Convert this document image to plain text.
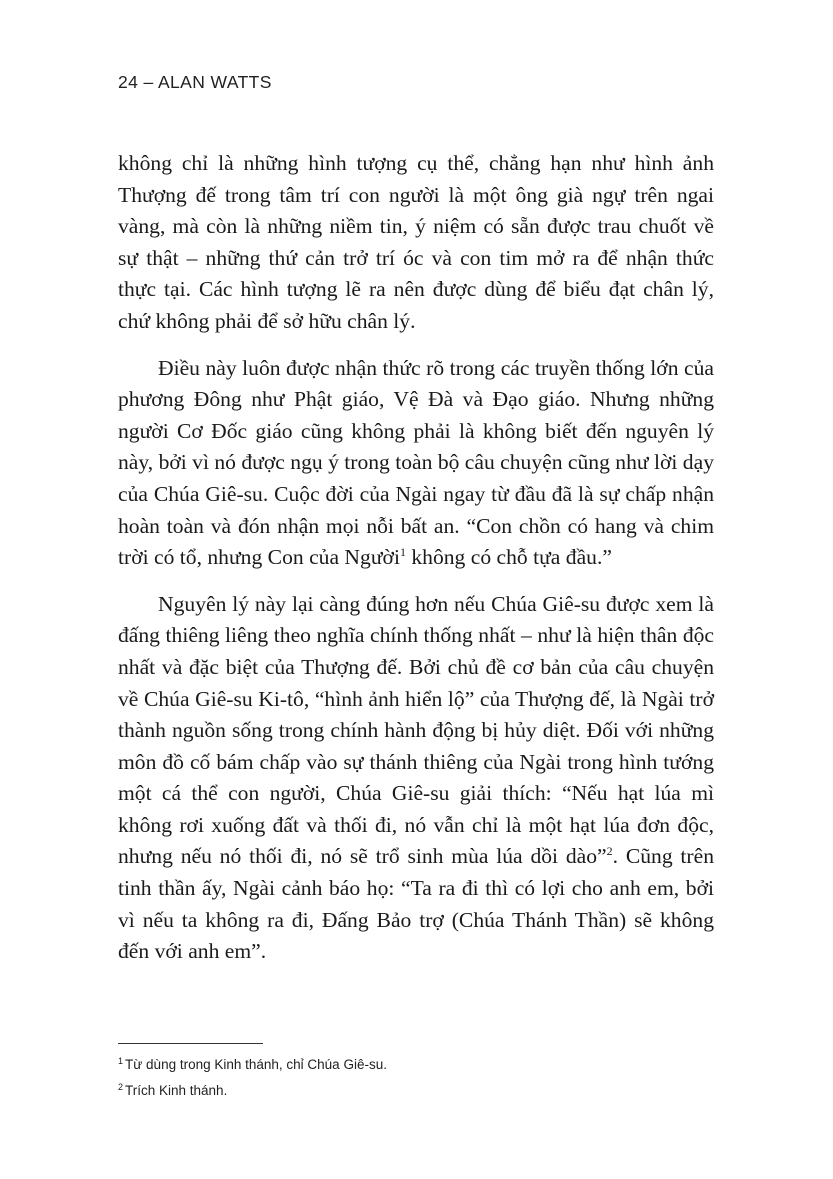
24 – ALAN WATTS

không chỉ là những hình tượng cụ thể, chẳng hạn như hình ảnh Thượng đế trong tâm trí con người là một ông già ngự trên ngai vàng, mà còn là những niềm tin, ý niệm có sẵn được trau chuốt về sự thật – những thứ cản trở trí óc và con tim mở ra để nhận thức thực tại. Các hình tượng lẽ ra nên được dùng để biểu đạt chân lý, chứ không phải để sở hữu chân lý.

Điều này luôn được nhận thức rõ trong các truyền thống lớn của phương Đông như Phật giáo, Vệ Đà và Đạo giáo. Nhưng những người Cơ Đốc giáo cũng không phải là không biết đến nguyên lý này, bởi vì nó được ngụ ý trong toàn bộ câu chuyện cũng như lời dạy của Chúa Giê-su. Cuộc đời của Ngài ngay từ đầu đã là sự chấp nhận hoàn toàn và đón nhận mọi nỗi bất an. “Con chồn có hang và chim trời có tổ, nhưng Con của Người$^1$ không có chỗ tựa đầu.”

Nguyên lý này lại càng đúng hơn nếu Chúa Giê-su được xem là đấng thiêng liêng theo nghĩa chính thống nhất – như là hiện thân độc nhất và đặc biệt của Thượng đế. Bởi chủ đề cơ bản của câu chuyện về Chúa Giê-su Ki-tô, “hình ảnh hiển lộ” của Thượng đế, là Ngài trở thành nguồn sống trong chính hành động bị hủy diệt. Đối với những môn đồ cố bám chấp vào sự thánh thiêng của Ngài trong hình tướng một cá thể con người, Chúa Giê-su giải thích: “Nếu hạt lúa mì không rơi xuống đất và thối đi, nó vẫn chỉ là một hạt lúa đơn độc, nhưng nếu nó thối đi, nó sẽ trổ sinh mùa lúa dồi dào”$^2$. Cũng trên tinh thần ấy, Ngài cảnh báo họ: “Ta ra đi thì có lợi cho anh em, bởi vì nếu ta không ra đi, Đấng Bảo trợ (Chúa Thánh Thần) sẽ không đến với anh em”.

$^1$ Từ dùng trong Kinh thánh, chỉ Chúa Giê-su.
$^2$ Trích Kinh thánh.
